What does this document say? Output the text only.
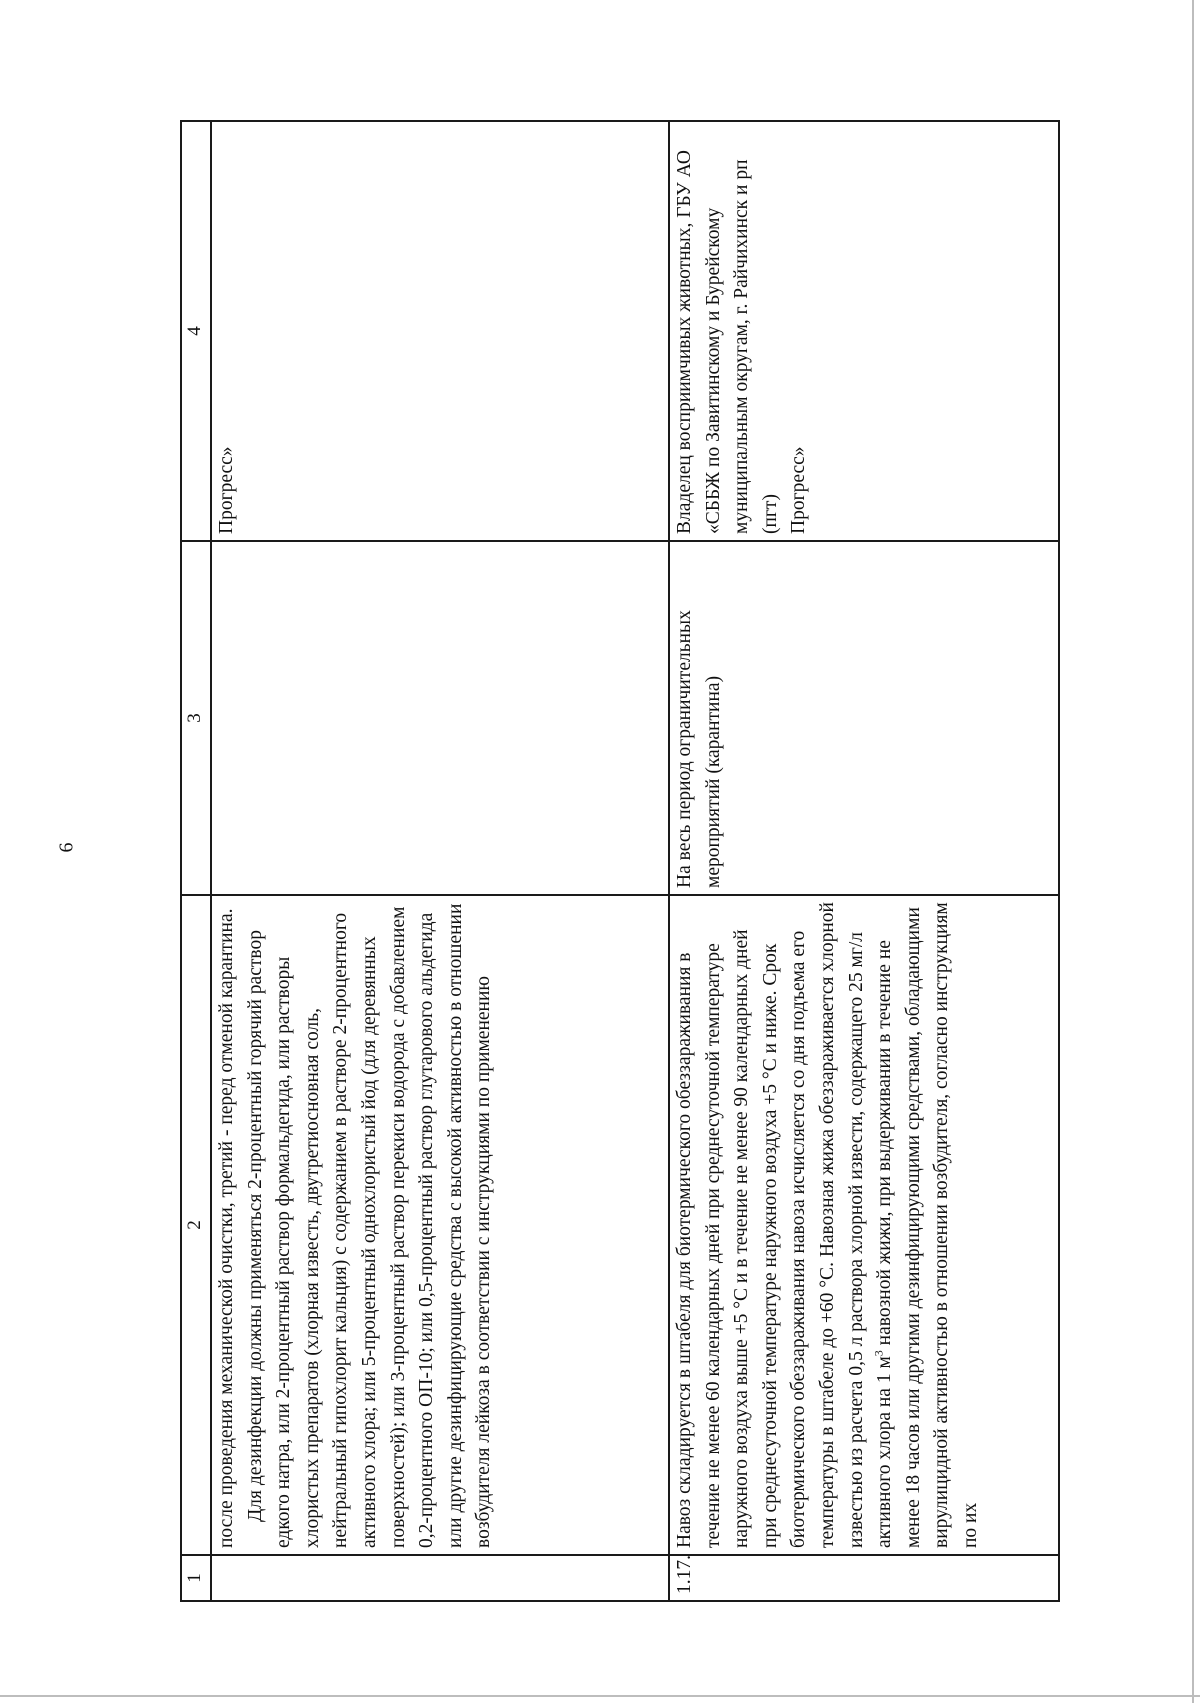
6
1	2	3	4

	после проведения механической очистки, третий - перед отменой карантина. Для дезинфекции должны применяться 2-процентный горячий раствор едкого натра, или 2-процентный раствор формальдегида, или растворы хлористых препаратов (хлорная известь, двутретиосновная соль, нейтральный гипохлорит кальция) с содержанием в растворе 2-процентного активного хлора; или 5-процентный однохлористый йод (для деревянных поверхностей); или 3-процентный раствор перекиси водорода с добавлением 0,2-процентного ОП-10; или 0,5-процентный раствор глутарового альдегида или другие дезинфицирующие средства с высокой активностью в отношении возбудителя лейкоза в соответствии с инструкциями по применению		Прогресс»
1.17.	Навоз складируется в штабеля для биотермического обеззараживания в течение не менее 60 календарных дней при среднесуточной температуре наружного воздуха выше +5 °С и в течение не менее 90 календарных дней при среднесуточной температуре наружного воздуха +5 °С и ниже. Срок биотермического обеззараживания навоза исчисляется со дня подъема его температуры в штабеле до +60 °С. Навозная жижа обеззараживается хлорной известью из расчета 0,5 л раствора хлорной извести, содержащего 25 мг/л активного хлора на 1 $м^3$ навозной жижи, при выдерживании в течение не менее 18 часов или другими дезинфицирующими средствами, обладающими вирулицидной активностью в отношении возбудителя, согласно инструкциям по их	На весь период ограничительных мероприятий (карантина)	Владелец восприимчивых животных, ГБУ АО «СББЖ по Завитинскому и Бурейскому муниципальным округам, г. Райчихинск и рп (пгт) Прогресс»
